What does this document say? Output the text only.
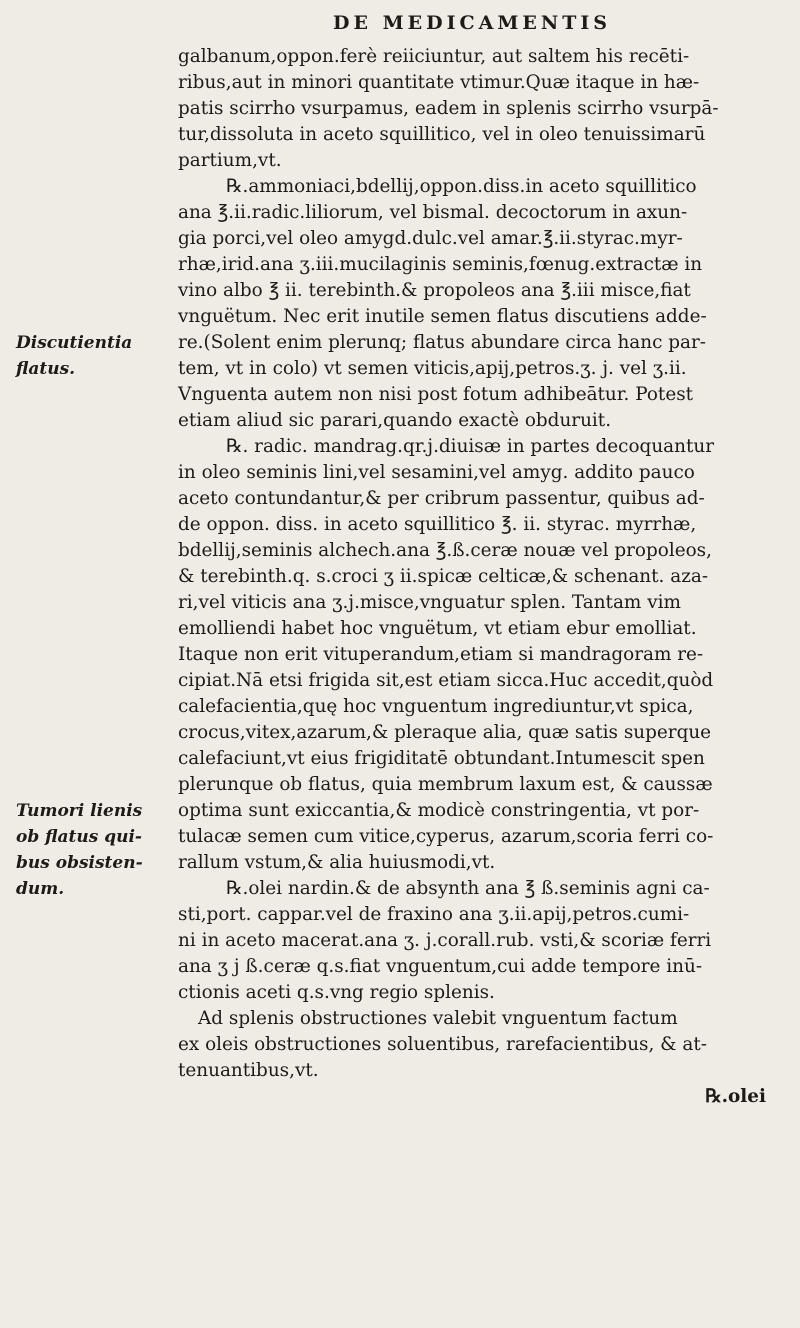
DE MEDICAMENTIS
Discutientia
flatus.
Tumori lienis
ob flatus qui-
bus obsisten-
dum.
galbanum,oppon.ferè reiiciuntur, aut saltem his recēti-
ribus,aut in minori quantitate vtimur.Quæ itaque in hæ-
patis scirrho vsurpamus, eadem in splenis scirrho vsurpā-
tur,dissoluta in aceto squillitico, vel in oleo tenuissimarū
partium,vt.
℞.ammoniaci,bdellij,oppon.diss.in aceto squillitico
ana ℥.ii.radic.liliorum, vel bismal. decoctorum in axun-
gia porci,vel oleo amygd.dulc.vel amar.℥.ii.styrac.myr-
rhæ,irid.ana ʒ.iii.mucilaginis seminis,fœnug.extractæ in
vino albo ℥ ii. terebinth.& propoleos ana ℥.iii misce,fiat
vnguëtum. Nec erit inutile semen flatus discutiens adde-
re.(Solent enim plerunq; flatus abundare circa hanc par-
tem, vt in colo) vt semen viticis,apij,petros.ʒ. j. vel ʒ.ii.
Vnguenta autem non nisi post fotum adhibeātur. Potest
etiam aliud sic parari,quando exactè obduruit.
℞. radic. mandrag.qr.j.diuisæ in partes decoquantur
in oleo seminis lini,vel sesamini,vel amyg. addito pauco
aceto contundantur,& per cribrum passentur, quibus ad-
de oppon. diss. in aceto squillitico ℥. ii. styrac. myrrhæ,
bdellij,seminis alchech.ana ℥.ß.ceræ nouæ vel propoleos,
& terebinth.q. s.croci ʒ ii.spicæ celticæ,& schenant. aza-
ri,vel viticis ana ʒ.j.misce,vnguatur splen. Tantam vim
emolliendi habet hoc vnguëtum, vt etiam ebur emolliat.
Itaque non erit vituperandum,etiam si mandragoram re-
cipiat.Nā etsi frigida sit,est etiam sicca.Huc accedit,quòd
calefacientia,quę hoc vnguentum ingrediuntur,vt spica,
crocus,vitex,azarum,& pleraque alia, quæ satis superque
calefaciunt,vt eius frigiditatē obtundant.Intumescit spen
plerunque ob flatus, quia membrum laxum est, & caussæ
optima sunt exiccantia,& modicè constringentia, vt por-
tulacæ semen cum vitice,cyperus, azarum,scoria ferri co-
rallum vstum,& alia huiusmodi,vt.
℞.olei nardin.& de absynth ana ℥ ß.seminis agni ca-
sti,port. cappar.vel de fraxino ana ʒ.ii.apij,petros.cumi-
ni in aceto macerat.ana ʒ. j.corall.rub. vsti,& scoriæ ferri
ana ʒ j ß.ceræ q.s.fiat vnguentum,cui adde tempore inū-
ctionis aceti q.s.vng regio splenis.
Ad splenis obstructiones valebit vnguentum factum
ex oleis obstructiones soluentibus, rarefacientibus, & at-
tenuantibus,vt.
℞.olei
